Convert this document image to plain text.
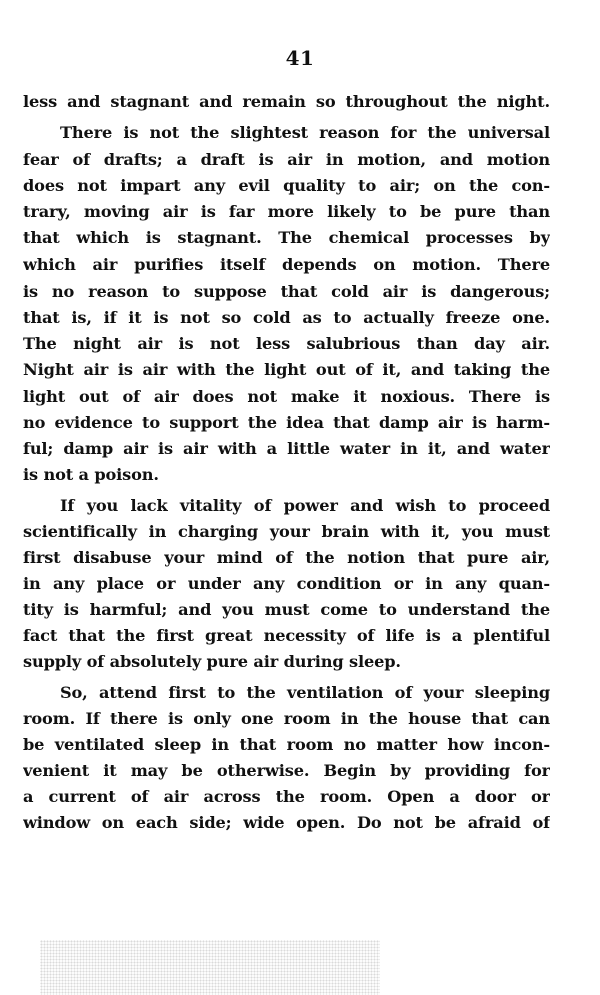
41
less and stagnant and remain so throughout the night.
There is not the slightest reason for the universal
fear of drafts; a draft is air in motion, and motion
does not impart any evil quality to air; on the con-
trary, moving air is far more likely to be pure than
that which is stagnant. The chemical processes by
which air purifies itself depends on motion. There
is no reason to suppose that cold air is dangerous;
that is, if it is not so cold as to actually freeze one.
The night air is not less salubrious than day air.
Night air is air with the light out of it, and taking the
light out of air does not make it noxious. There is
no evidence to support the idea that damp air is harm-
ful; damp air is air with a little water in it, and water
is not a poison.
If you lack vitality of power and wish to proceed
scientifically in charging your brain with it, you must
first disabuse your mind of the notion that pure air,
in any place or under any condition or in any quan-
tity is harmful; and you must come to understand the
fact that the first great necessity of life is a plentiful
supply of absolutely pure air during sleep.
So, attend first to the ventilation of your sleeping
room. If there is only one room in the house that can
be ventilated sleep in that room no matter how incon-
venient it may be otherwise. Begin by providing for
a current of air across the room. Open a door or
window on each side; wide open. Do not be afraid of
